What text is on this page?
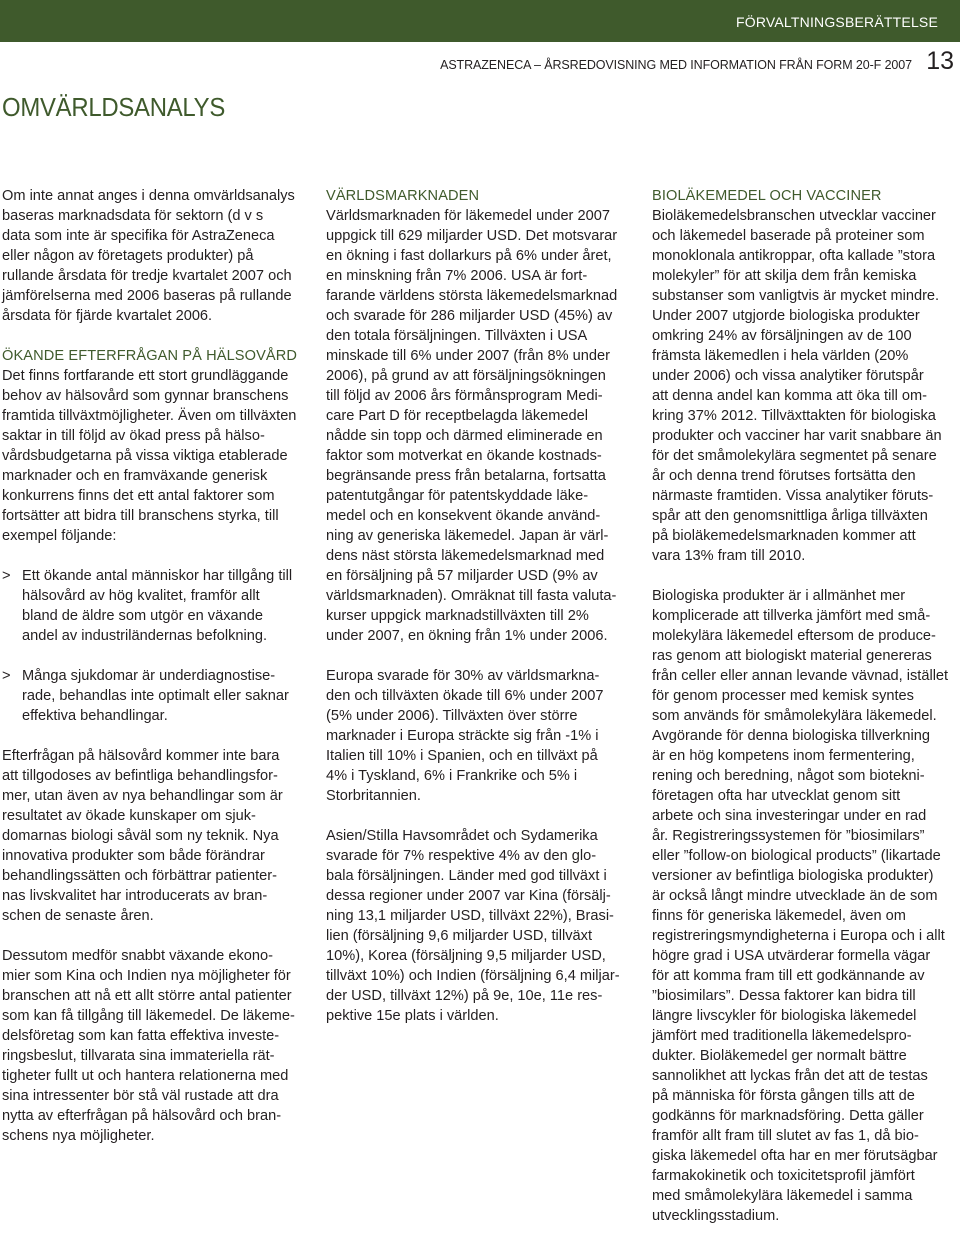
FÖRVALTNINGSBERÄTTELSE
ASTRAZENECA – ÅRSREDOVISNING MED INFORMATION FRÅN FORM 20-F 2007 13
OMVÄRLDSANALYS

Om inte annat anges i denna omvärldsanalys
baseras marknadsdata för sektorn (d v s
data som inte är specifika för AstraZeneca
eller någon av företagets produkter) på
rullande årsdata för tredje kvartalet 2007 och
jämförelserna med 2006 baseras på rullande
årsdata för fjärde kvartalet 2006.

ÖKANDE EFTERFRÅGAN PÅ HÄLSOVÅRD

Det finns fortfarande ett stort grundläggande
behov av hälsovård som gynnar branschens
framtida tillväxtmöjligheter. Även om tillväxten
saktar in till följd av ökad press på hälso-
vårdsbudgetarna på vissa viktiga etablerade
marknader och en framväxande generisk
konkurrens finns det ett antal faktorer som
fortsätter att bidra till branschens styrka, till
exempel följande:

> Ett ökande antal människor har tillgång till
hälsovård av hög kvalitet, framför allt
bland de äldre som utgör en växande
andel av industriländernas befolkning.
> Många sjukdomar är underdiagnostise-
rade, behandlas inte optimalt eller saknar
effektiva behandlingar.

Efterfrågan på hälsovård kommer inte bara
att tillgodoses av befintliga behandlingsfor-
mer, utan även av nya behandlingar som är
resultatet av ökade kunskaper om sjuk-
domarnas biologi såväl som ny teknik. Nya
innovativa produkter som både förändrar
behandlingssätten och förbättrar patienter-
nas livskvalitet har introducerats av bran-
schen de senaste åren.

Dessutom medför snabbt växande ekono-
mier som Kina och Indien nya möjligheter för
branschen att nå ett allt större antal patienter
som kan få tillgång till läkemedel. De läkeme-
delsföretag som kan fatta effektiva investe-
ringsbeslut, tillvarata sina immateriella rät-
tigheter fullt ut och hantera relationerna med
sina intressenter bör stå väl rustade att dra
nytta av efterfrågan på hälsovård och bran-
schens nya möjligheter.

VÄRLDSMARKNADEN

Världsmarknaden för läkemedel under 2007
uppgick till 629 miljarder USD. Det motsvarar
en ökning i fast dollarkurs på 6% under året,
en minskning från 7% 2006. USA är fort-
farande världens största läkemedelsmarknad
och svarade för 286 miljarder USD (45%) av
den totala försäljningen. Tillväxten i USA
minskade till 6% under 2007 (från 8% under
2006), på grund av att försäljningsökningen
till följd av 2006 års förmånsprogram Medi-
care Part D för receptbelagda läkemedel
nådde sin topp och därmed eliminerade en
faktor som motverkat en ökande kostnads-
begränsande press från betalarna, fortsatta
patentutgångar för patentskyddade läke-
medel och en konsekvent ökande använd-
ning av generiska läkemedel. Japan är värl-
dens näst största läkemedelsmarknad med
en försäljning på 57 miljarder USD (9% av
världsmarknaden). Omräknat till fasta valuta-
kurser uppgick marknadstillväxten till 2%
under 2007, en ökning från 1% under 2006.

Europa svarade för 30% av världsmarkna-
den och tillväxten ökade till 6% under 2007
(5% under 2006). Tillväxten över större
marknader i Europa sträckte sig från -1% i
Italien till 10% i Spanien, och en tillväxt på
4% i Tyskland, 6% i Frankrike och 5% i
Storbritannien.

Asien/Stilla Havsområdet och Sydamerika
svarade för 7% respektive 4% av den glo-
bala försäljningen. Länder med god tillväxt i
dessa regioner under 2007 var Kina (försälj-
ning 13,1 miljarder USD, tillväxt 22%), Brasi-
lien (försäljning 9,6 miljarder USD, tillväxt
10%), Korea (försäljning 9,5 miljarder USD,
tillväxt 10%) och Indien (försäljning 6,4 miljar-
der USD, tillväxt 12%) på 9e, 10e, 11e res-
pektive 15e plats i världen.

BIOLÄKEMEDEL OCH VACCINER

Bioläkemedelsbranschen utvecklar vacciner
och läkemedel baserade på proteiner som
monoklonala antikroppar, ofta kallade ”stora
molekyler” för att skilja dem från kemiska
substanser som vanligtvis är mycket mindre.
Under 2007 utgjorde biologiska produkter
omkring 24% av försäljningen av de 100
främsta läkemedlen i hela världen (20%
under 2006) och vissa analytiker förutspår
att denna andel kan komma att öka till om-
kring 37% 2012. Tillväxttakten för biologiska
produkter och vacciner har varit snabbare än
för det småmolekylära segmentet på senare
år och denna trend förutses fortsätta den
närmaste framtiden. Vissa analytiker föruts-
spår att den genomsnittliga årliga tillväxten
på bioläkemedelsmarknaden kommer att
vara 13% fram till 2010.

Biologiska produkter är i allmänhet mer
komplicerade att tillverka jämfört med små-
molekylära läkemedel eftersom de produce-
ras genom att biologiskt material genereras
från celler eller annan levande vävnad, istället
för genom processer med kemisk syntes
som används för småmolekylära läkemedel.
Avgörande för denna biologiska tillverkning
är en hög kompetens inom fermentering,
rening och beredning, något som biotekni-
företagen ofta har utvecklat genom sitt
arbete och sina investeringar under en rad
år. Registreringssystemen för ”biosimilars”
eller ”follow-on biological products” (likartade
versioner av befintliga biologiska produkter)
är också långt mindre utvecklade än de som
finns för generiska läkemedel, även om
registreringsmyndigheterna i Europa och i allt
högre grad i USA utvärderar formella vägar
för att komma fram till ett godkännande av
”biosimilars”. Dessa faktorer kan bidra till
längre livscykler för biologiska läkemedel
jämfört med traditionella läkemedelspro-
dukter. Bioläkemedel ger normalt bättre
sannolikhet att lyckas från det att de testas
på människa för första gången tills att de
godkänns för marknadsföring. Detta gäller
framför allt fram till slutet av fas 1, då bio-
giska läkemedel ofta har en mer förutsägbar
farmakokinetik och toxicitetsprofil jämfört
med småmolekylära läkemedel i samma
utvecklingsstadium.
